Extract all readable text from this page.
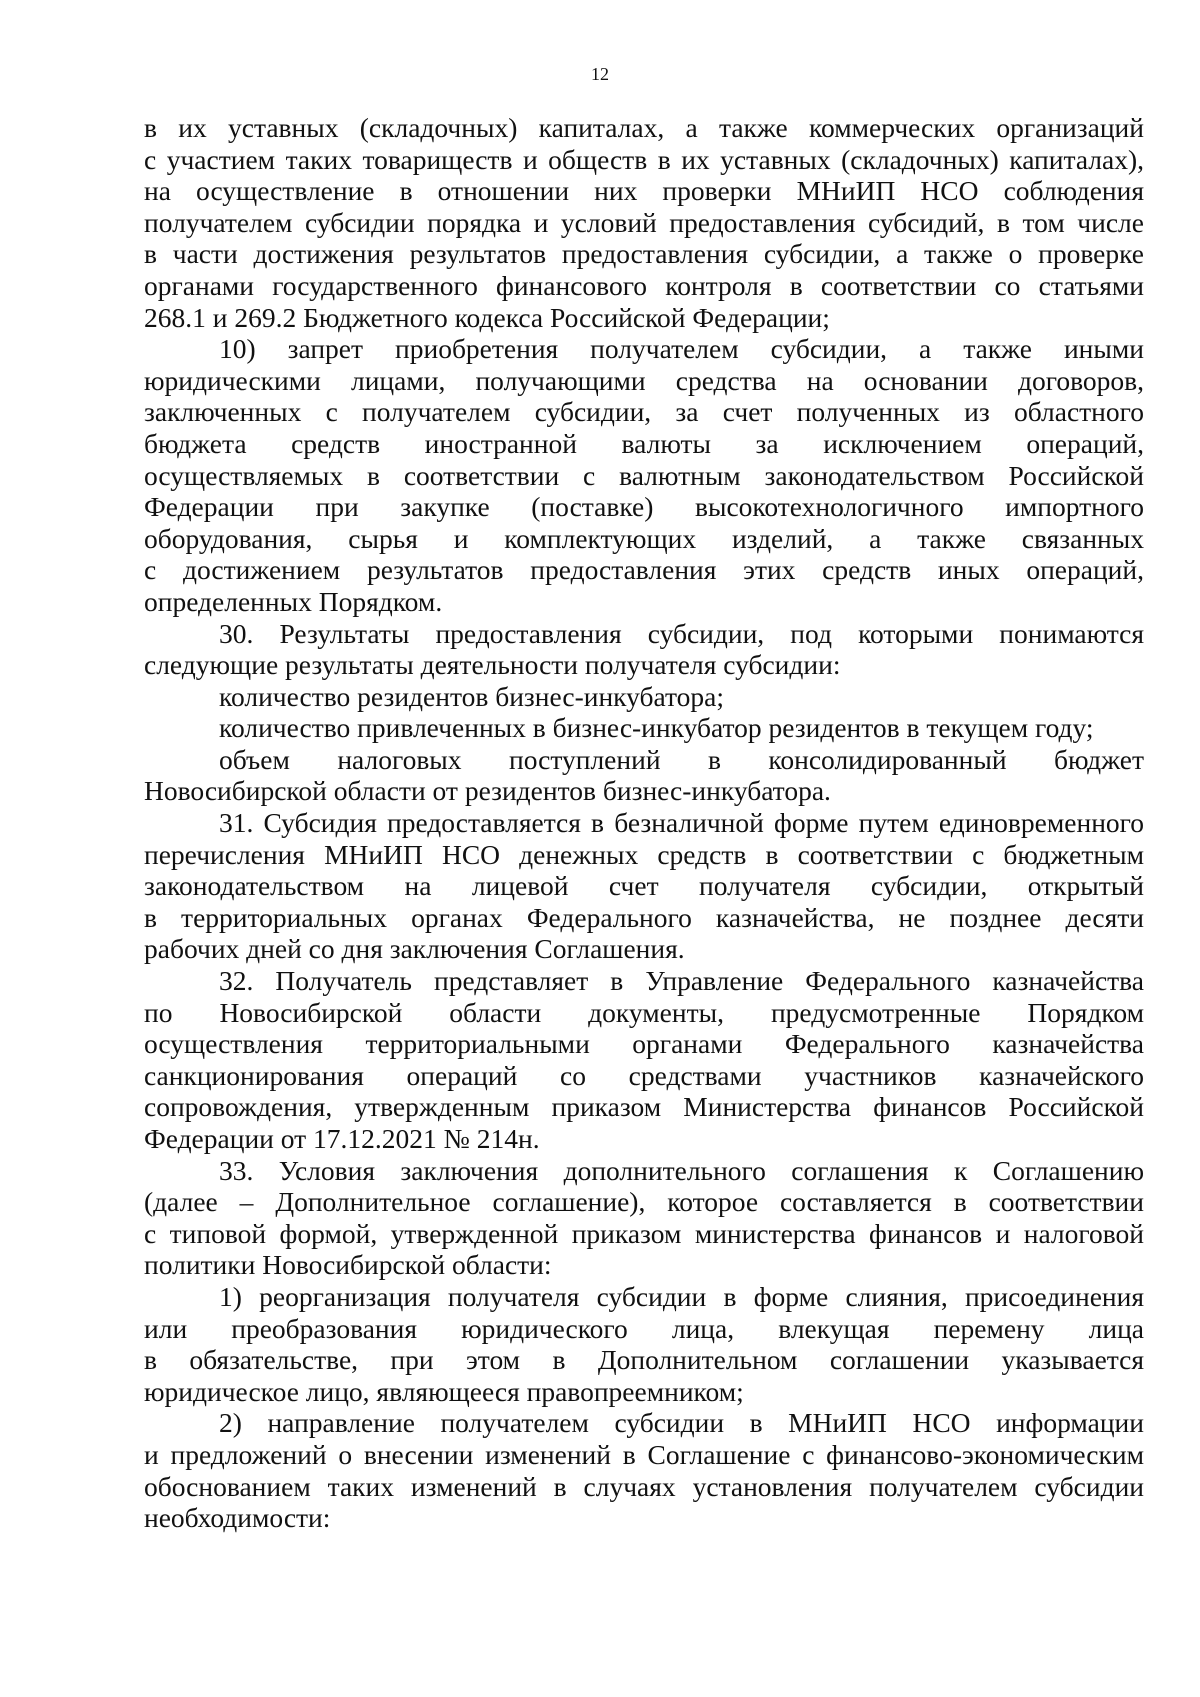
12
в их уставных (складочных) капиталах, а также коммерческих организаций
с участием таких товариществ и обществ в их уставных (складочных) капиталах),
на осуществление в отношении них проверки МНиИП НСО соблюдения
получателем субсидии порядка и условий предоставления субсидий, в том числе
в части достижения результатов предоставления субсидии, а также о проверке
органами государственного финансового контроля в соответствии со статьями
268.1 и 269.2 Бюджетного кодекса Российской Федерации;
10) запрет приобретения получателем субсидии, а также иными
юридическими лицами, получающими средства на основании договоров,
заключенных с получателем субсидии, за счет полученных из областного
бюджета средств иностранной валюты за исключением операций,
осуществляемых в соответствии с валютным законодательством Российской
Федерации при закупке (поставке) высокотехнологичного импортного
оборудования, сырья и комплектующих изделий, а также связанных
с достижением результатов предоставления этих средств иных операций,
определенных Порядком.
30. Результаты предоставления субсидии, под которыми понимаются
следующие результаты деятельности получателя субсидии:
количество резидентов бизнес-инкубатора;
количество привлеченных в бизнес-инкубатор резидентов в текущем году;
объем налоговых поступлений в консолидированный бюджет
Новосибирской области от резидентов бизнес-инкубатора.
31. Субсидия предоставляется в безналичной форме путем единовременного
перечисления МНиИП НСО денежных средств в соответствии с бюджетным
законодательством на лицевой счет получателя субсидии, открытый
в территориальных органах Федерального казначейства, не позднее десяти
рабочих дней со дня заключения Соглашения.
32. Получатель представляет в Управление Федерального казначейства
по Новосибирской области документы, предусмотренные Порядком
осуществления территориальными органами Федерального казначейства
санкционирования операций со средствами участников казначейского
сопровождения, утвержденным приказом Министерства финансов Российской
Федерации от 17.12.2021 № 214н.
33. Условия заключения дополнительного соглашения к Соглашению
(далее – Дополнительное соглашение), которое составляется в соответствии
с типовой формой, утвержденной приказом министерства финансов и налоговой
политики Новосибирской области:
1) реорганизация получателя субсидии в форме слияния, присоединения
или преобразования юридического лица, влекущая перемену лица
в обязательстве, при этом в Дополнительном соглашении указывается
юридическое лицо, являющееся правопреемником;
2) направление получателем субсидии в МНиИП НСО информации
и предложений о внесении изменений в Соглашение с финансово-экономическим
обоснованием таких изменений в случаях установления получателем субсидии
необходимости:
